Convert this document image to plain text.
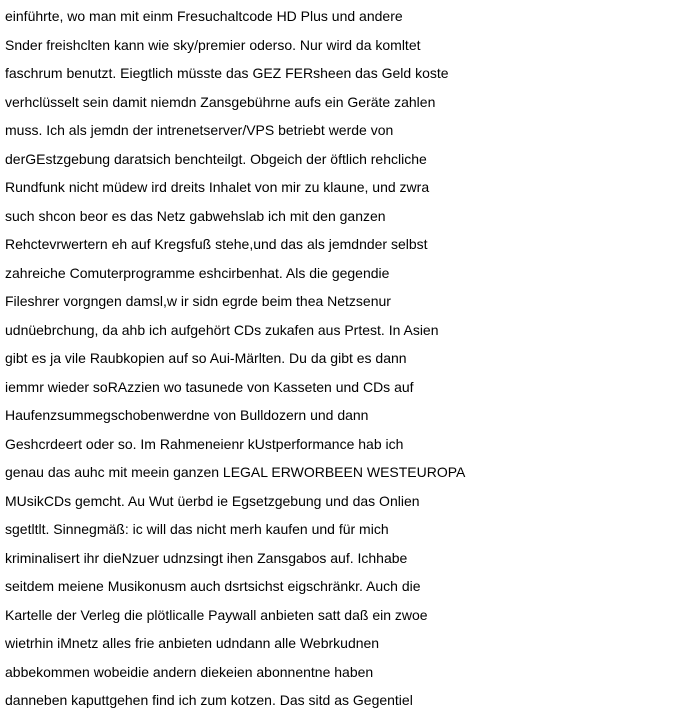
einführte, wo man mit einm Fresuchaltcode HD Plus und andere
Snder freishclten kann wie sky/premier oderso. Nur wird da komltet
faschrum benutzt. Eiegtlich müsste das GEZ FERsheen das Geld koste
verhclüsselt sein damit niemdn Zansgebührne aufs ein Geräte zahlen
muss. Ich als jemdn der intrenetserver/VPS betriebt werde von
derGEstzgebung daratsich benchteilgt. Obgeich der öftlich rehcliche
Rundfunk nicht müdew ird dreits Inhalet von mir zu klaune, und zwra
such shcon beor es das Netz gabwehslab ich mit den ganzen
Rehctevrwertern eh auf Kregsfuß stehe,und das als jemdnder selbst
zahreiche Comuterprogramme eshcirbenhat. Als die gegendie
Fileshrer vorgngen damsl,w ir sidn egrde beim thea Netzsenur
udnüebrchung, da ahb ich aufgehört CDs zukafen aus Prtest. In Asien
gibt es ja vile Raubkopien auf so Aui-Märlten. Du da gibt es dann
iemmr wieder soRAzzien wo tasunede von Kasseten und CDs auf
Haufenzsummegschobenwerdne von Bulldozern und dann
Geshcrdeert oder so. Im Rahmeneienr kUstperformance hab ich
genau das auhc mit meein ganzen LEGAL ERWORBEEN WESTEUROPA
MUsikCDs gemcht. Au Wut üerbd ie Egsetzgebung und das Onlien
sgetltlt. Sinnegmäß: ic will das nicht merh kaufen und für mich
kriminalisert ihr dieNzuer udnzsingt ihen Zansgabos auf. Ichhabe
seitdem meiene Musikonusm auch dsrtsichst eigschränkr. Auch die
Kartelle der Verleg die plötlicalle Paywall anbieten satt daß ein zwoe
wietrhin iMnetz alles frie anbieten udndann alle Webrkudnen
abbekommen wobeidie andern diekeien abonnentne haben
danneben kaputtgehen find ich zum kotzen. Das sitd as Gegentiel
